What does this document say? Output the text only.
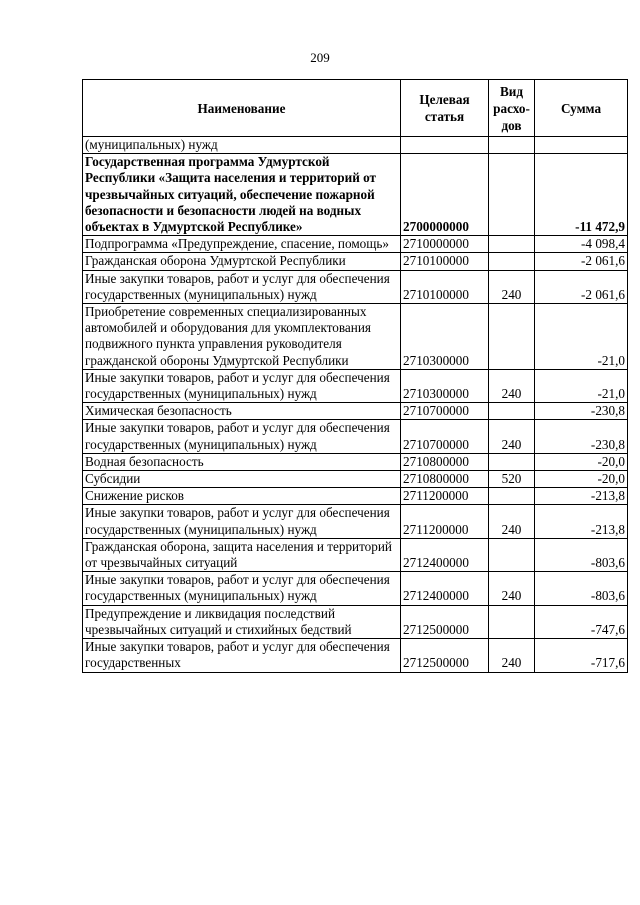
209
Наименование	Целевая статья	Вид расхо-дов	Сумма
(муниципальных) нужд			
Государственная программа Удмуртской Республики «Защита населения и территорий от чрезвычайных ситуаций, обеспечение пожарной безопасности и безопасности людей на водных объектах в Удмуртской Республике»	2700000000		-11 472,9
Подпрограмма «Предупреждение, спасение, помощь»	2710000000		-4 098,4
Гражданская оборона Удмуртской Республики	2710100000		-2 061,6
Иные закупки товаров, работ и услуг для обеспечения государственных (муниципальных) нужд	2710100000	240	-2 061,6
Приобретение современных специализированных автомобилей и оборудования для укомплектования подвижного пункта управления руководителя гражданской обороны Удмуртской Республики	2710300000		-21,0
Иные закупки товаров, работ и услуг для обеспечения государственных (муниципальных) нужд	2710300000	240	-21,0
Химическая безопасность	2710700000		-230,8
Иные закупки товаров, работ и услуг для обеспечения государственных (муниципальных) нужд	2710700000	240	-230,8
Водная безопасность	2710800000		-20,0
Субсидии	2710800000	520	-20,0
Снижение рисков	2711200000		-213,8
Иные закупки товаров, работ и услуг для обеспечения государственных (муниципальных) нужд	2711200000	240	-213,8
Гражданская оборона, защита населения и территорий от чрезвычайных ситуаций	2712400000		-803,6
Иные закупки товаров, работ и услуг для обеспечения государственных (муниципальных) нужд	2712400000	240	-803,6
Предупреждение и ликвидация последствий чрезвычайных ситуаций и стихийных бедствий	2712500000		-747,6
Иные закупки товаров, работ и услуг для обеспечения государственных	2712500000	240	-717,6
